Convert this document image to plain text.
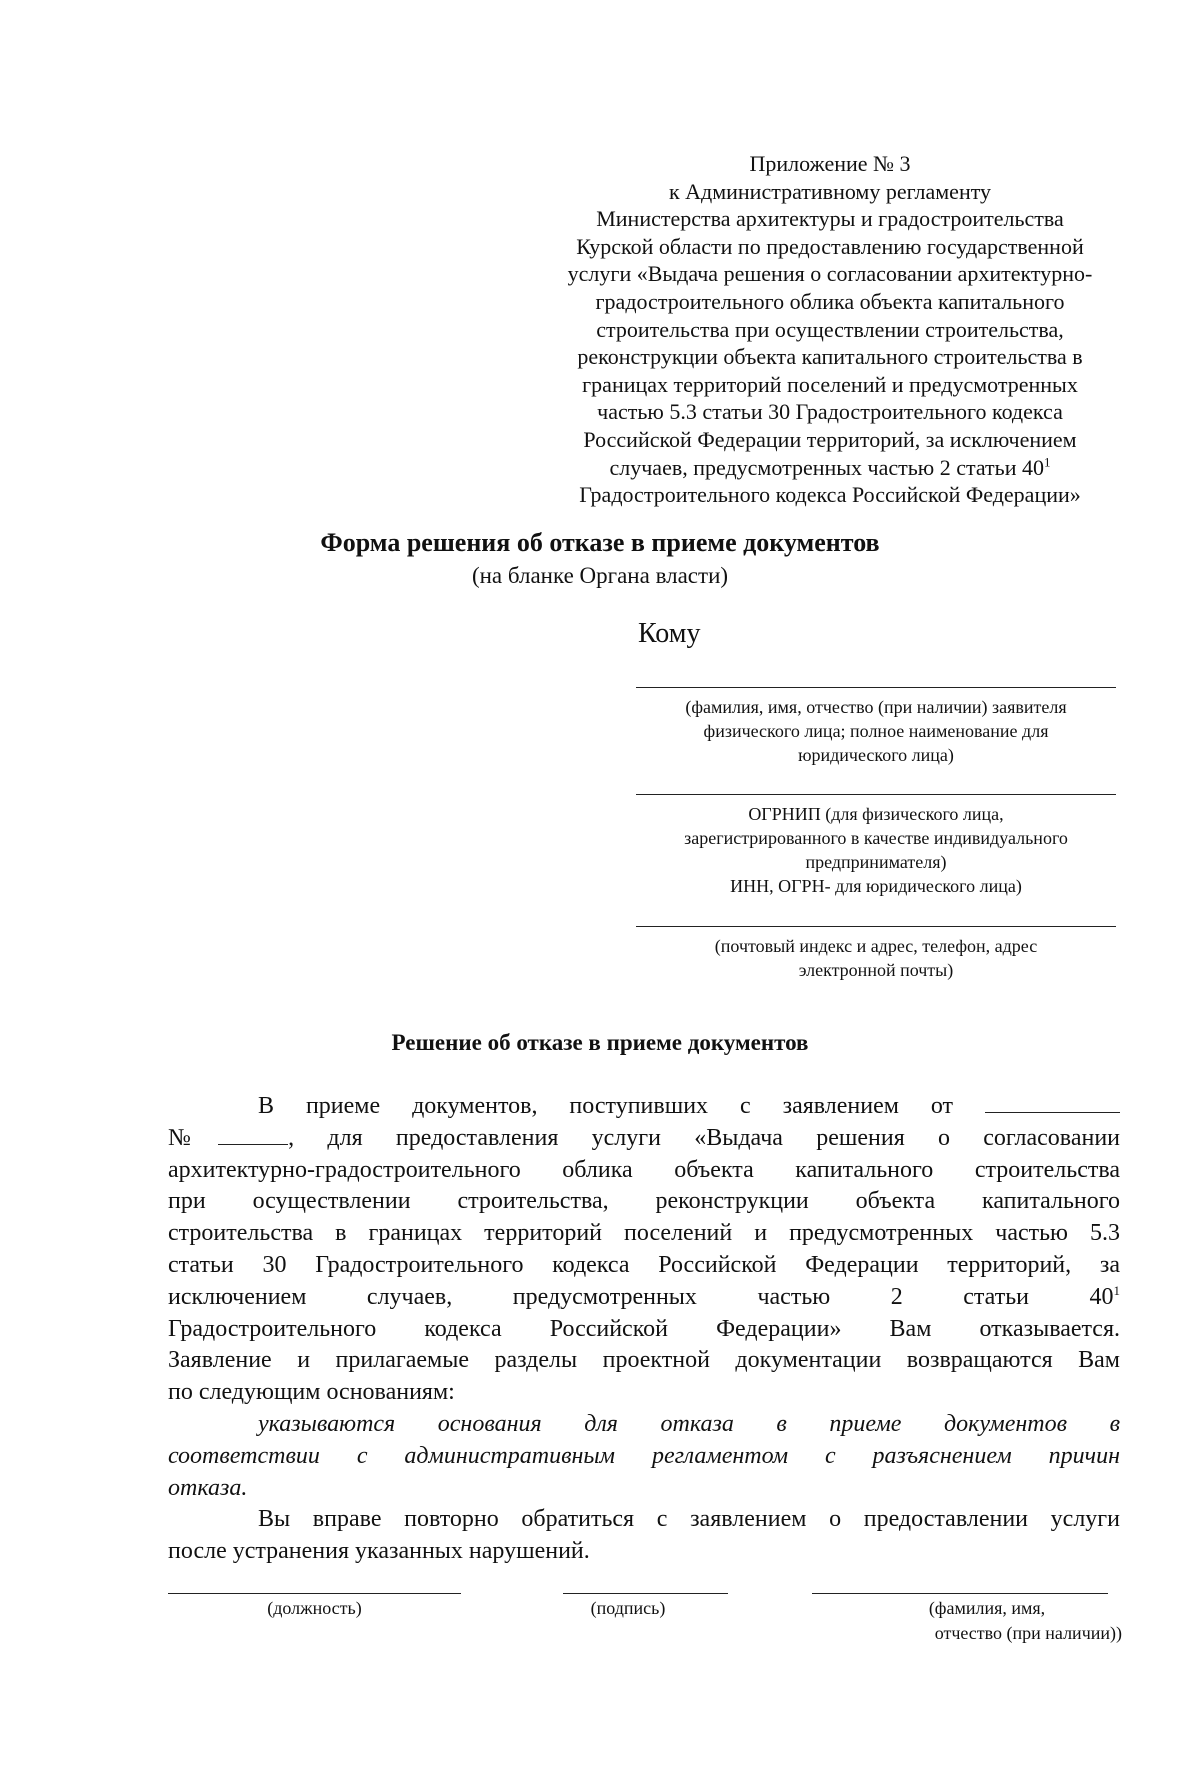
Приложение № 3
к Административному регламенту
Министерства архитектуры и градостроительства
Курской области по предоставлению государственной
услуги «Выдача решения о согласовании архитектурно-
градостроительного облика объекта капитального
строительства при осуществлении строительства,
реконструкции объекта капитального строительства в
границах территорий поселений и предусмотренных
частью 5.3 статьи 30 Градостроительного кодекса
Российской Федерации территорий, за исключением
случаев, предусмотренных частью 2 статьи $40^1$
Градостроительного кодекса Российской Федерации»
Форма решения об отказе в приеме документов
(на бланке Органа власти)
Кому
(фамилия, имя, отчество (при наличии) заявителя
физического лица; полное наименование для
юридического лица)
ОГРНИП (для физического лица,
зарегистрированного в качестве индивидуального
предпринимателя)
ИНН, ОГРН- для юридического лица)
(почтовый индекс и адрес, телефон, адрес
электронной почты)
Решение об отказе в приеме документов
В приеме документов, поступивших с заявлением от
№	, для предоставления услуги «Выдача решения о согласовании
архитектурно-градостроительного облика объекта капитального строительства
при осуществлении строительства, реконструкции объекта капитального
строительства в границах территорий поселений и предусмотренных частью 5.3
статьи 30 Градостроительного кодекса Российской Федерации территорий, за
исключением случаев, предусмотренных частью 2 статьи $40^1$
Градостроительного кодекса Российской Федерации» Вам отказывается.
Заявление и прилагаемые разделы проектной документации возвращаются Вам
по следующим основаниям:
указываются основания для отказа в приеме документов в
соответствии с административным регламентом с разъяснением причин
отказа.
Вы вправе повторно обратиться с заявлением о предоставлении услуги
после устранения указанных нарушений.
(должность)	(подпись)	(фамилия, имя,
отчество (при наличии))
